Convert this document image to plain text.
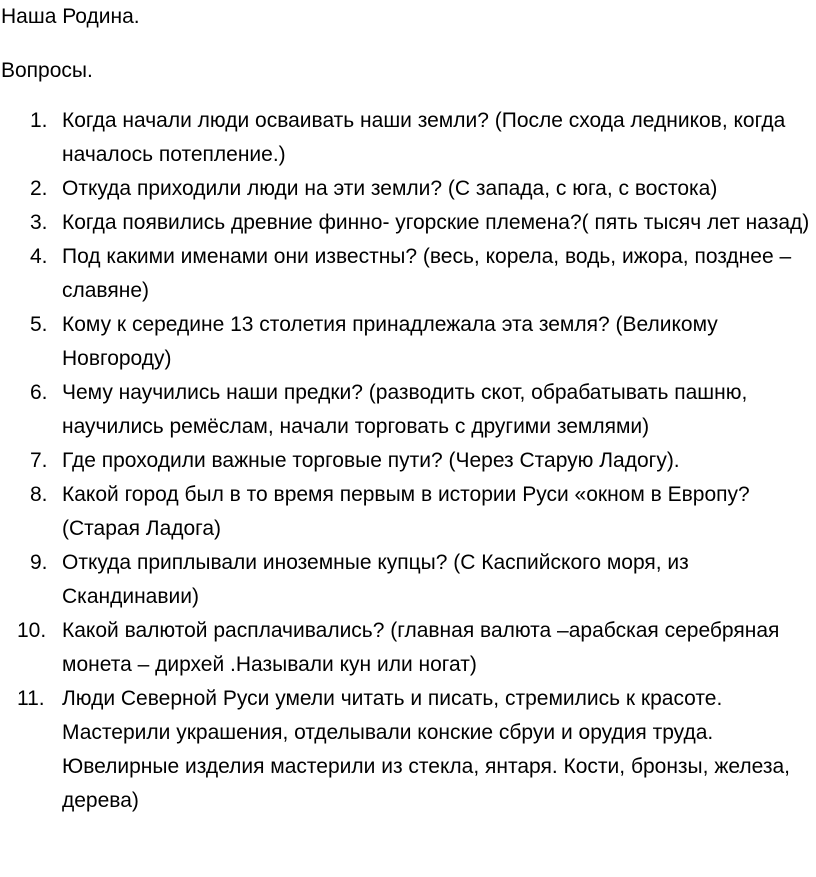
Наша Родина.
Вопросы.
1. Когда начали люди осваивать наши земли? (После схода ледников, когда началось потепление.)
2. Откуда приходили люди на эти земли? (С запада, с юга, с востока)
3. Когда появились древние финно- угорские племена?( пять тысяч лет назад)
4. Под какими именами они известны? (весь, корела, водь, ижора, позднее –славяне)
5. Кому к середине 13 столетия принадлежала эта земля? (Великому Новгороду)
6. Чему научились наши предки? (разводить скот, обрабатывать пашню, научились ремёслам, начали торговать с другими землями)
7. Где проходили важные торговые пути? (Через Старую Ладогу).
8. Какой город был в то время первым в истории Руси «окном в Европу?(Старая Ладога)
9. Откуда приплывали иноземные купцы? (С Каспийского моря, из Скандинавии)
10. Какой валютой расплачивались? (главная валюта –арабская серебряная монета – дирхей .Называли кун или ногат)
11. Люди Северной Руси умели читать и писать, стремились к красоте. Мастерили украшения, отделывали конские сбруи и орудия труда. Ювелирные изделия мастерили из стекла, янтаря. Кости, бронзы, железа, дерева)
